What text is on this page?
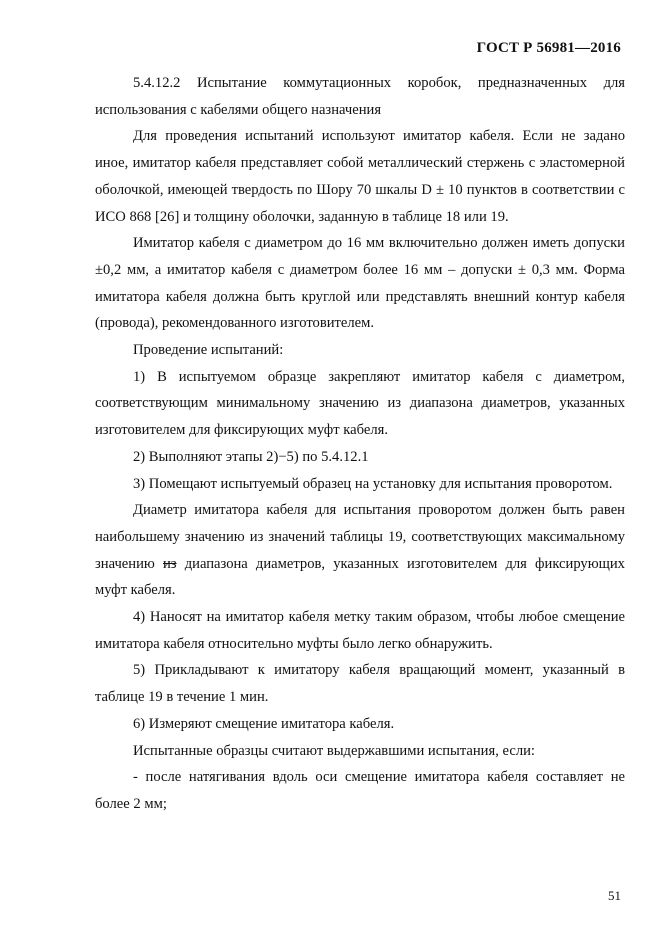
ГОСТ Р 56981—2016

5.4.12.2 Испытание коммутационных коробок, предназначенных для использования с кабелями общего назначения

Для проведения испытаний используют имитатор кабеля. Если не задано иное, имитатор кабеля представляет собой металлический стержень с эластомерной оболочкой, имеющей твердость по Шору 70 шкалы D ± 10 пунктов в соответствии с ИСО 868 [26] и толщину оболочки, заданную в таблице 18 или 19.

Имитатор кабеля с диаметром до 16 мм включительно должен иметь допуски ±0,2 мм, а имитатор кабеля с диаметром более 16 мм – допуски ± 0,3 мм. Форма имитатора кабеля должна быть круглой или представлять внешний контур кабеля (провода), рекомендованного изготовителем.

Проведение испытаний:

1) В испытуемом образце закрепляют имитатор кабеля с диаметром, соответствующим минимальному значению из диапазона диаметров, указанных изготовителем для фиксирующих муфт кабеля.

2) Выполняют этапы 2)−5) по 5.4.12.1

3) Помещают испытуемый образец на установку для испытания проворотом.

Диаметр имитатора кабеля для испытания проворотом должен быть равен наибольшему значению из значений таблицы 19, соответствующих максимальному значению из диапазона диаметров, указанных изготовителем для фиксирующих муфт кабеля.

4) Наносят на имитатор кабеля метку таким образом, чтобы любое смещение имитатора кабеля относительно муфты было легко обнаружить.

5) Прикладывают к имитатору кабеля вращающий момент, указанный в таблице 19 в течение 1 мин.

6) Измеряют смещение имитатора кабеля.

Испытанные образцы считают выдержавшими испытания, если:

- после натягивания вдоль оси смещение имитатора кабеля составляет не более 2 мм;

51
